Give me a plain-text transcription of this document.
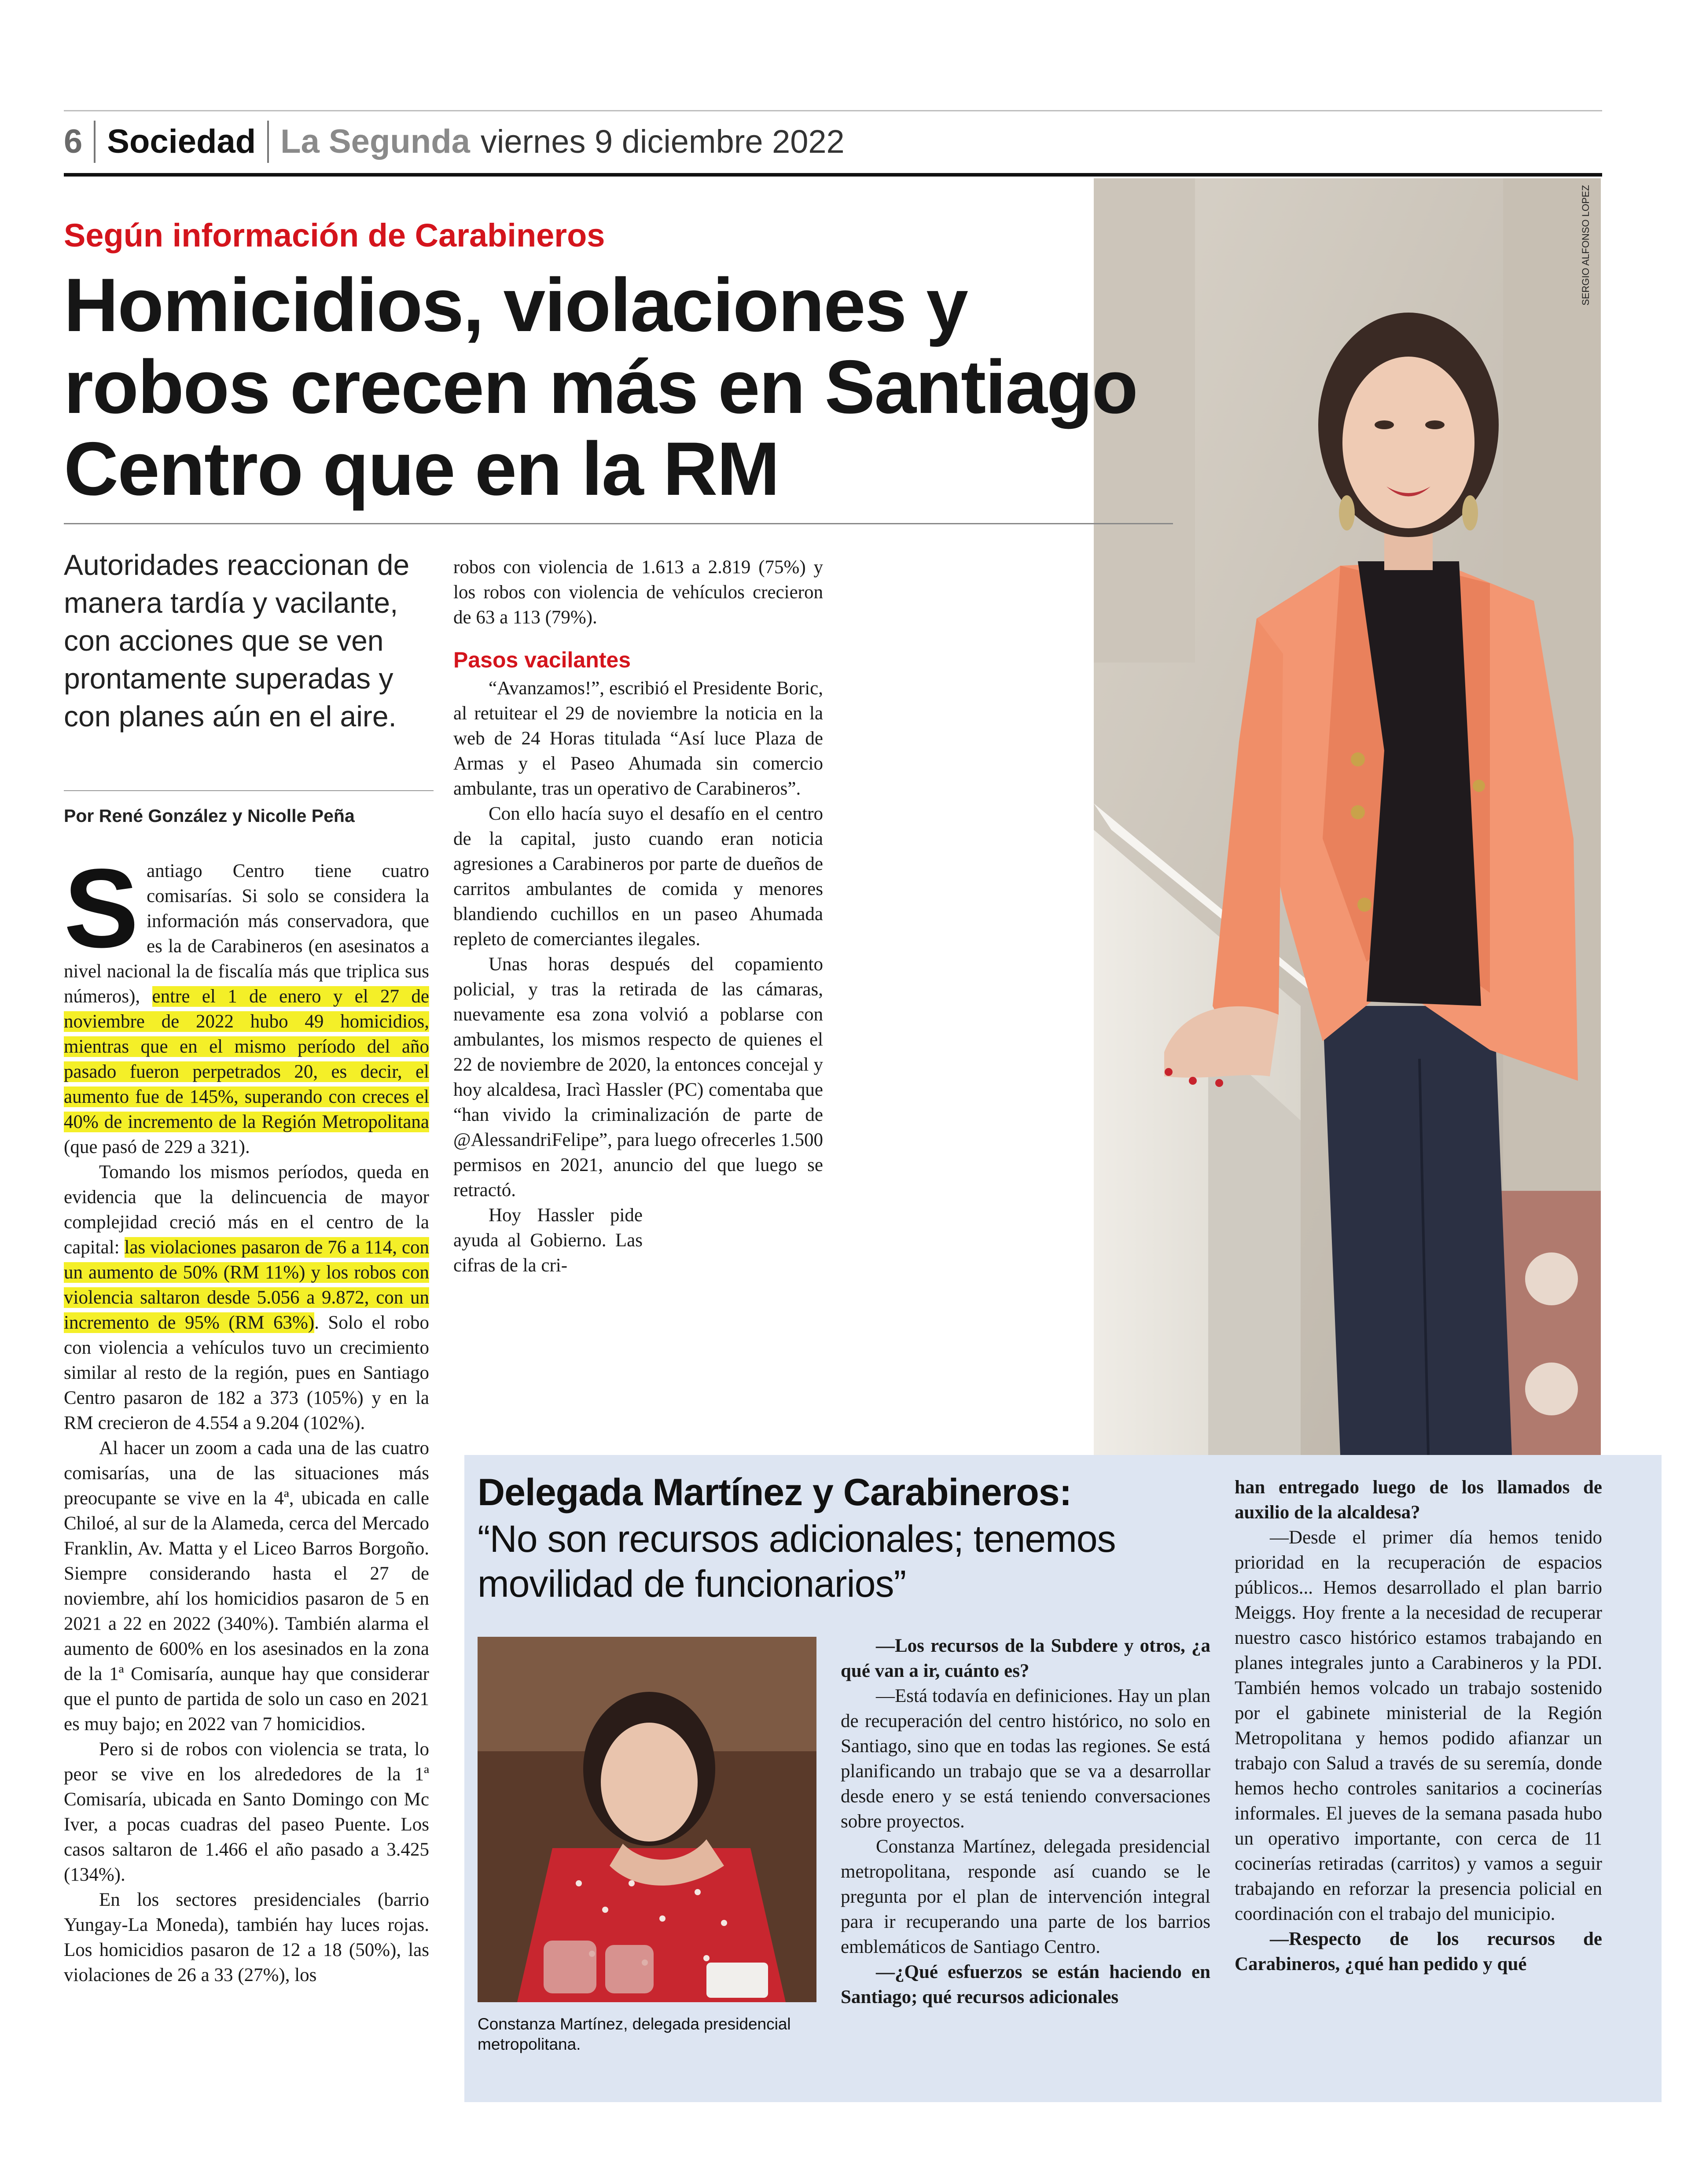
6 Sociedad La Segunda viernes 9 diciembre 2022
SERGIO ALFONSO LOPEZ
Según información de Carabineros
Homicidios, violaciones y robos crecen más en Santiago Centro que en la RM
Autoridades reaccionan de manera tardía y vacilante, con acciones que se ven prontamente superadas y con planes aún en el aire.
Por René González y Nicolle Peña

Santiago Centro tiene cuatro comisarías. Si solo se considera la información más conservadora, que es la de Carabineros (en asesinatos a nivel nacional la de fiscalía más que triplica sus números), entre el 1 de enero y el 27 de noviembre de 2022 hubo 49 homicidios, mientras que en el mismo período del año pasado fueron perpetrados 20, es decir, el aumento fue de 145%, superando con creces el 40% de incremento de la Región Metropolitana (que pasó de 229 a 321).

Tomando los mismos períodos, queda en evidencia que la delincuencia de mayor complejidad creció más en el centro de la capital: las violaciones pasaron de 76 a 114, con un aumento de 50% (RM 11%) y los robos con violencia saltaron desde 5.056 a 9.872, con un incremento de 95% (RM 63%). Solo el robo con violencia a vehículos tuvo un crecimiento similar al resto de la región, pues en Santiago Centro pasaron de 182 a 373 (105%) y en la RM crecieron de 4.554 a 9.204 (102%).

Al hacer un zoom a cada una de las cuatro comisarías, una de las situaciones más preocupante se vive en la 4ª, ubicada en calle Chiloé, al sur de la Alameda, cerca del Mercado Franklin, Av. Matta y el Liceo Barros Borgoño. Siempre considerando hasta el 27 de noviembre, ahí los homicidios pasaron de 5 en 2021 a 22 en 2022 (340%). También alarma el aumento de 600% en los asesinados en la zona de la 1ª Comisaría, aunque hay que considerar que el punto de partida de solo un caso en 2021 es muy bajo; en 2022 van 7 homicidios.

Pero si de robos con violencia se trata, lo peor se vive en los alrededores de la 1ª Comisaría, ubicada en Santo Domingo con Mc Iver, a pocas cuadras del paseo Puente. Los casos saltaron de 1.466 el año pasado a 3.425 (134%).

En los sectores presidenciales (barrio Yungay-La Moneda), también hay luces rojas. Los homicidios pasaron de 12 a 18 (50%), las violaciones de 26 a 33 (27%), los

robos con violencia de 1.613 a 2.819 (75%) y los robos con violencia de vehículos crecieron de 63 a 113 (79%).

Pasos vacilantes

“Avanzamos!”, escribió el Presidente Boric, al retuitear el 29 de noviembre la noticia en la web de 24 Horas titulada “Así luce Plaza de Armas y el Paseo Ahumada sin comercio ambulante, tras un operativo de Carabineros”.

Con ello hacía suyo el desafío en el centro de la capital, justo cuando eran noticia agresiones a Carabineros por parte de dueños de carritos ambulantes de comida y menores blandiendo cuchillos en un paseo Ahumada repleto de comerciantes ilegales.

Unas horas después del copamiento policial, y tras la retirada de las cámaras, nuevamente esa zona volvió a poblarse con ambulantes, los mismos respecto de quienes el 22 de noviembre de 2020, la entonces concejal y hoy alcaldesa, Iracì Hassler (PC) comentaba que “han vivido la criminalización de parte de @AlessandriFelipe”, para luego ofrecerles 1.500 permisos en 2021, anuncio del que luego se retractó.

Hoy Hassler pide ayuda al Gobierno. Las cifras de la cri-

Delegada Martínez y Carabineros:
“No son recursos adicionales; tenemos movilidad de funcionarios”
Constanza Martínez, delegada presidencial metropolitana.

—Los recursos de la Subdere y otros, ¿a qué van a ir, cuánto es?

—Está todavía en definiciones. Hay un plan de recuperación del centro histórico, no solo en Santiago, sino que en todas las regiones. Se está planificando un trabajo que se va a desarrollar desde enero y se está teniendo conversaciones sobre proyectos.

Constanza Martínez, delegada presidencial metropolitana, responde así cuando se le pregunta por el plan de intervención integral para ir recuperando una parte de los barrios emblemáticos de Santiago Centro.

—¿Qué esfuerzos se están haciendo en Santiago; qué recursos adicionales

han entregado luego de los llamados de auxilio de la alcaldesa?

—Desde el primer día hemos tenido prioridad en la recuperación de espacios públicos... Hemos desarrollado el plan barrio Meiggs. Hoy frente a la necesidad de recuperar nuestro casco histórico estamos trabajando en planes integrales junto a Carabineros y la PDI. También hemos volcado un trabajo sostenido por el gabinete ministerial de la Región Metropolitana y hemos podido afianzar un trabajo con Salud a través de su seremía, donde hemos hecho controles sanitarios a cocinerías informales. El jueves de la semana pasada hubo un operativo importante, con cerca de 11 cocinerías retiradas (carritos) y vamos a seguir trabajando en reforzar la presencia policial en coordinación con el trabajo del municipio.

—Respecto de los recursos de Carabineros, ¿qué han pedido y qué
